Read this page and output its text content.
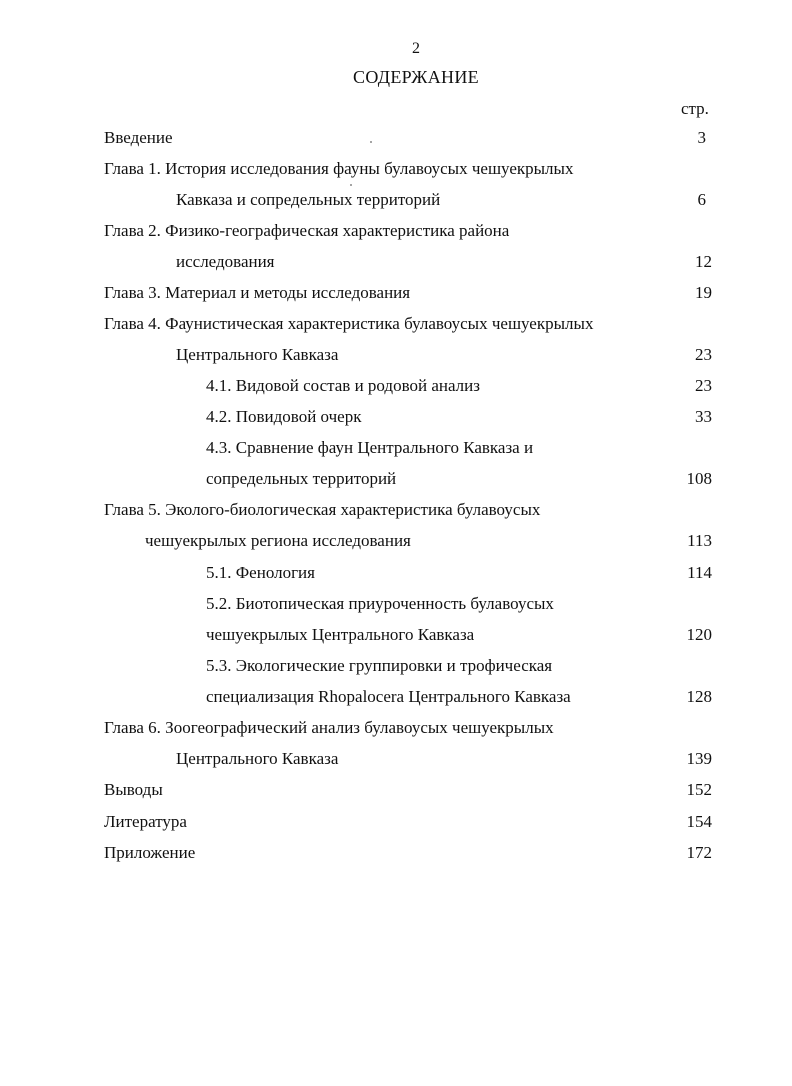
2
СОДЕРЖАНИЕ
стр.
Введение
Глава 1. История исследования фауны булавоусых чешуекрылых
Кавказа и сопредельных территорий
Глава 2. Физико-географическая характеристика района
исследования
Глава 3. Материал и методы исследования
Глава 4. Фаунистическая характеристика булавоусых чешуекрылых
Центрального Кавказа
4.1. Видовой состав и родовой анализ
4.2. Повидовой очерк
4.3. Сравнение фаун Центрального Кавказа и
сопредельных территорий
Глава 5. Эколого-биологическая характеристика булавоусых
чешуекрылых региона исследования
5.1. Фенология
5.2. Биотопическая приуроченность булавоусых
чешуекрылых Центрального Кавказа
5.3. Экологические группировки и трофическая
специализация Rhopalocera Центрального Кавказа
Глава 6. Зоогеографический анализ булавоусых чешуекрылых
Центрального Кавказа
Выводы
Литература
Приложение
3
6
12
19
23
23
33
108
113
114
120
128
139
152
154
172
